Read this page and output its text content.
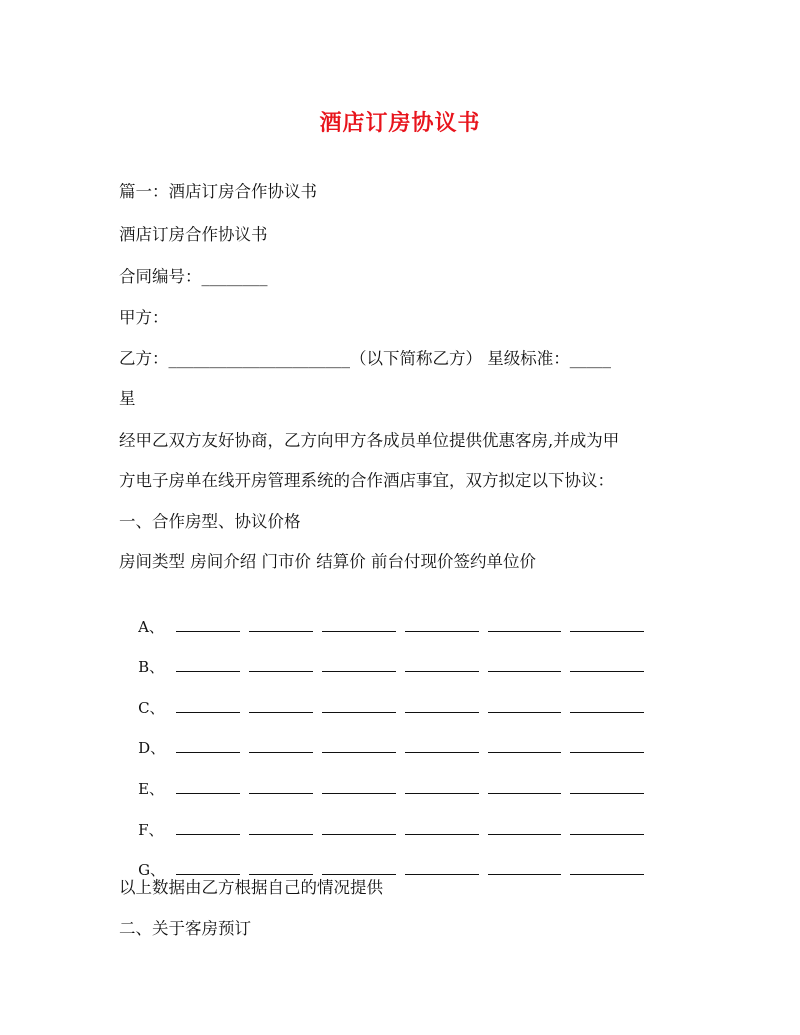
酒店订房协议书
篇一：酒店订房合作协议书
酒店订房合作协议书
合同编号：________
甲方：
乙方：______________________（以下简称乙方） 星级标准：_____
星
经甲乙双方友好协商，乙方向甲方各成员单位提供优惠客房,并成为甲
方电子房单在线开房管理系统的合作酒店事宜，双方拟定以下协议：
一、合作房型、协议价格
房间类型 房间介绍 门市价 结算价 前台付现价签约单位价

A、

B、

C、

D、

E、

F、

G、

以上数据由乙方根据自己的情况提供
二、关于客房预订
